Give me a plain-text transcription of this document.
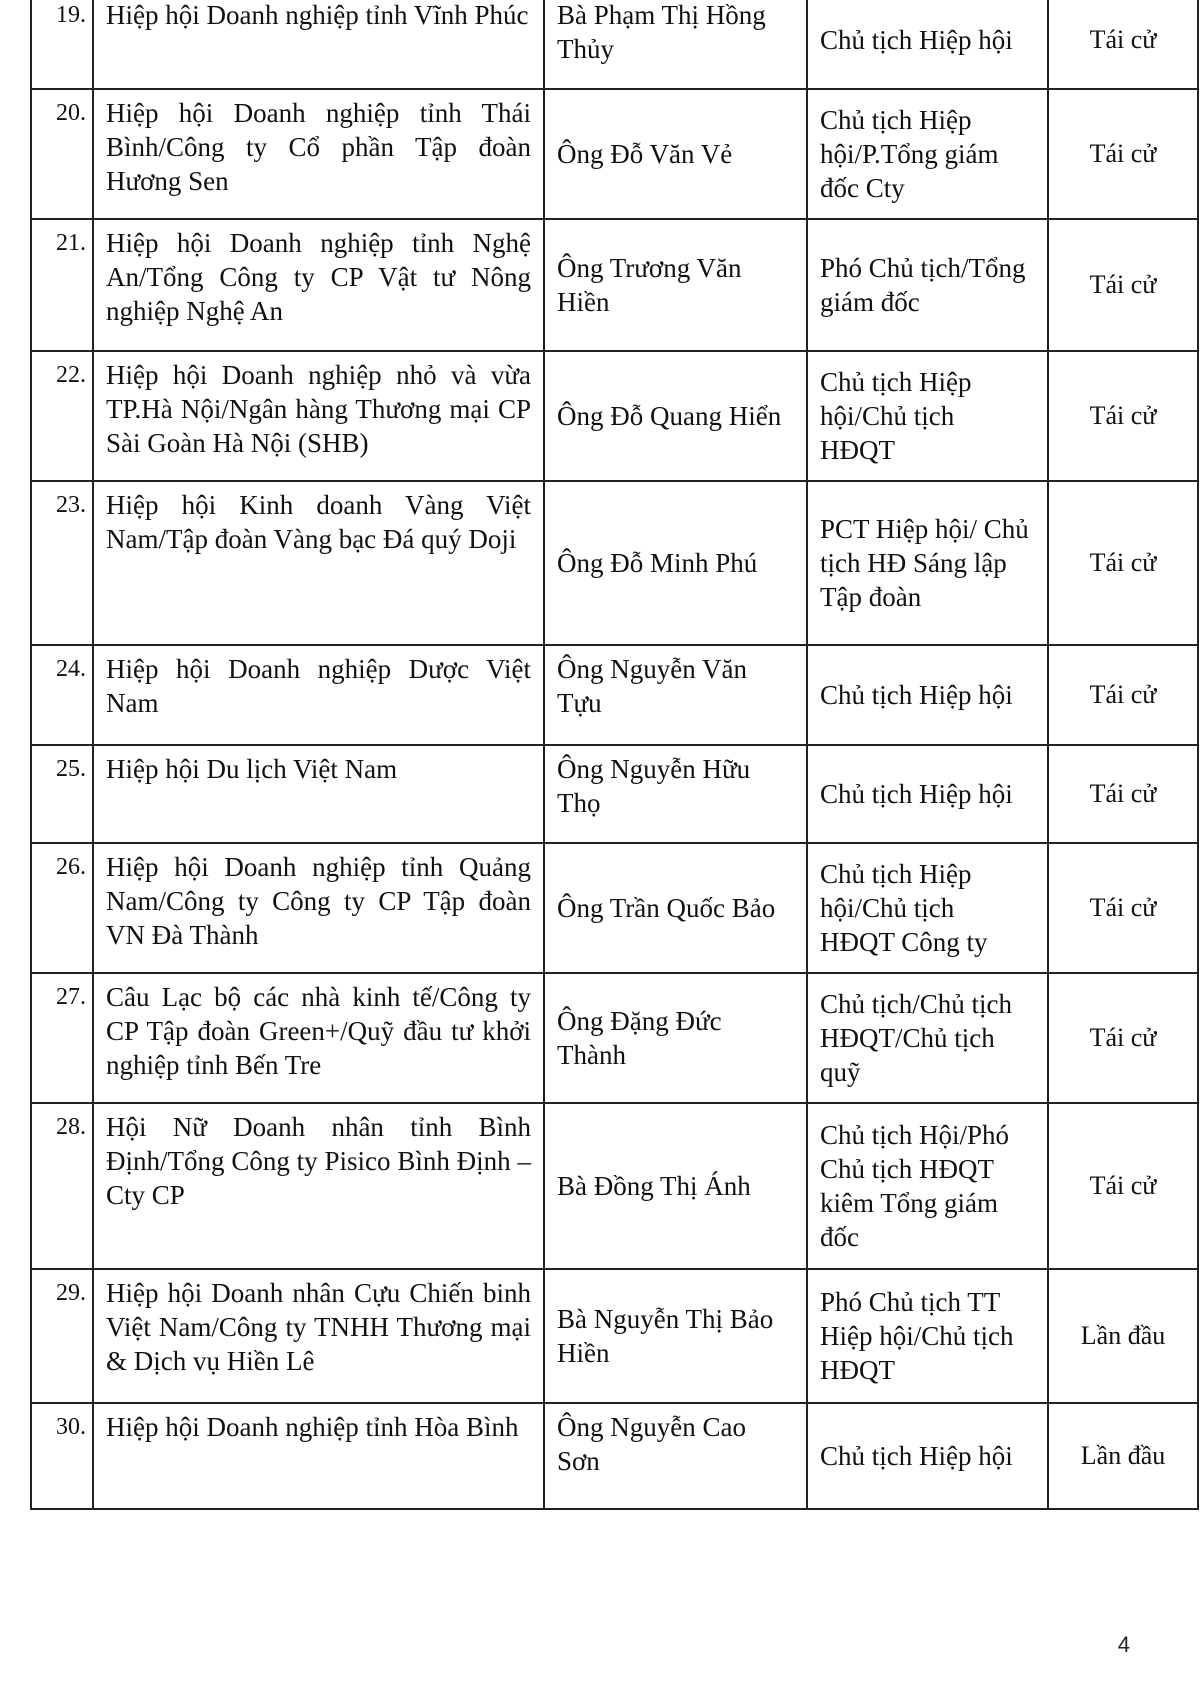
19.	Hiệp hội Doanh nghiệp tỉnh Vĩnh Phúc	Bà Phạm Thị Hồng Thủy	Chủ tịch Hiệp hội	Tái cử
20.	Hiệp hội Doanh nghiệp tỉnh Thái Bình/Công ty Cổ phần Tập đoàn Hương Sen	Ông Đỗ Văn Vẻ	Chủ tịch Hiệp hội/P.Tổng giám đốc Cty	Tái cử
21.	Hiệp hội Doanh nghiệp tỉnh Nghệ An/Tổng Công ty CP Vật tư Nông nghiệp Nghệ An	Ông Trương Văn Hiền	Phó Chủ tịch/Tổng giám đốc	Tái cử
22.	Hiệp hội Doanh nghiệp nhỏ và vừa TP.Hà Nội/Ngân hàng Thương mại CP Sài Goàn Hà Nội (SHB)	Ông Đỗ Quang Hiển	Chủ tịch Hiệp hội/Chủ tịch HĐQT	Tái cử
23.	Hiệp hội Kinh doanh Vàng Việt Nam/Tập đoàn Vàng bạc Đá quý Doji	Ông Đỗ Minh Phú	PCT Hiệp hội/ Chủ tịch HĐ Sáng lập Tập đoàn	Tái cử
24.	Hiệp hội Doanh nghiệp Dược Việt Nam	Ông Nguyễn Văn Tựu	Chủ tịch Hiệp hội	Tái cử
25.	Hiệp hội Du lịch Việt Nam	Ông Nguyễn Hữu Thọ	Chủ tịch Hiệp hội	Tái cử
26.	Hiệp hội Doanh nghiệp tỉnh Quảng Nam/Công ty Công ty CP Tập đoàn VN Đà Thành	Ông Trần Quốc Bảo	Chủ tịch Hiệp hội/Chủ tịch HĐQT Công ty	Tái cử
27.	Câu Lạc bộ các nhà kinh tế/Công ty CP Tập đoàn Green+/Quỹ đầu tư khởi nghiệp tỉnh Bến Tre	Ông Đặng Đức Thành	Chủ tịch/Chủ tịch HĐQT/Chủ tịch quỹ	Tái cử
28.	Hội Nữ Doanh nhân tỉnh Bình Định/Tổng Công ty Pisico Bình Định – Cty CP	Bà Đồng Thị Ánh	Chủ tịch Hội/Phó Chủ tịch HĐQT kiêm Tổng giám đốc	Tái cử
29.	Hiệp hội Doanh nhân Cựu Chiến binh Việt Nam/Công ty TNHH Thương mại & Dịch vụ Hiền Lê	Bà Nguyễn Thị Bảo Hiền	Phó Chủ tịch TT Hiệp hội/Chủ tịch HĐQT	Lần đầu
30.	Hiệp hội Doanh nghiệp tỉnh Hòa Bình	Ông Nguyễn Cao Sơn	Chủ tịch Hiệp hội	Lần đầu
4
